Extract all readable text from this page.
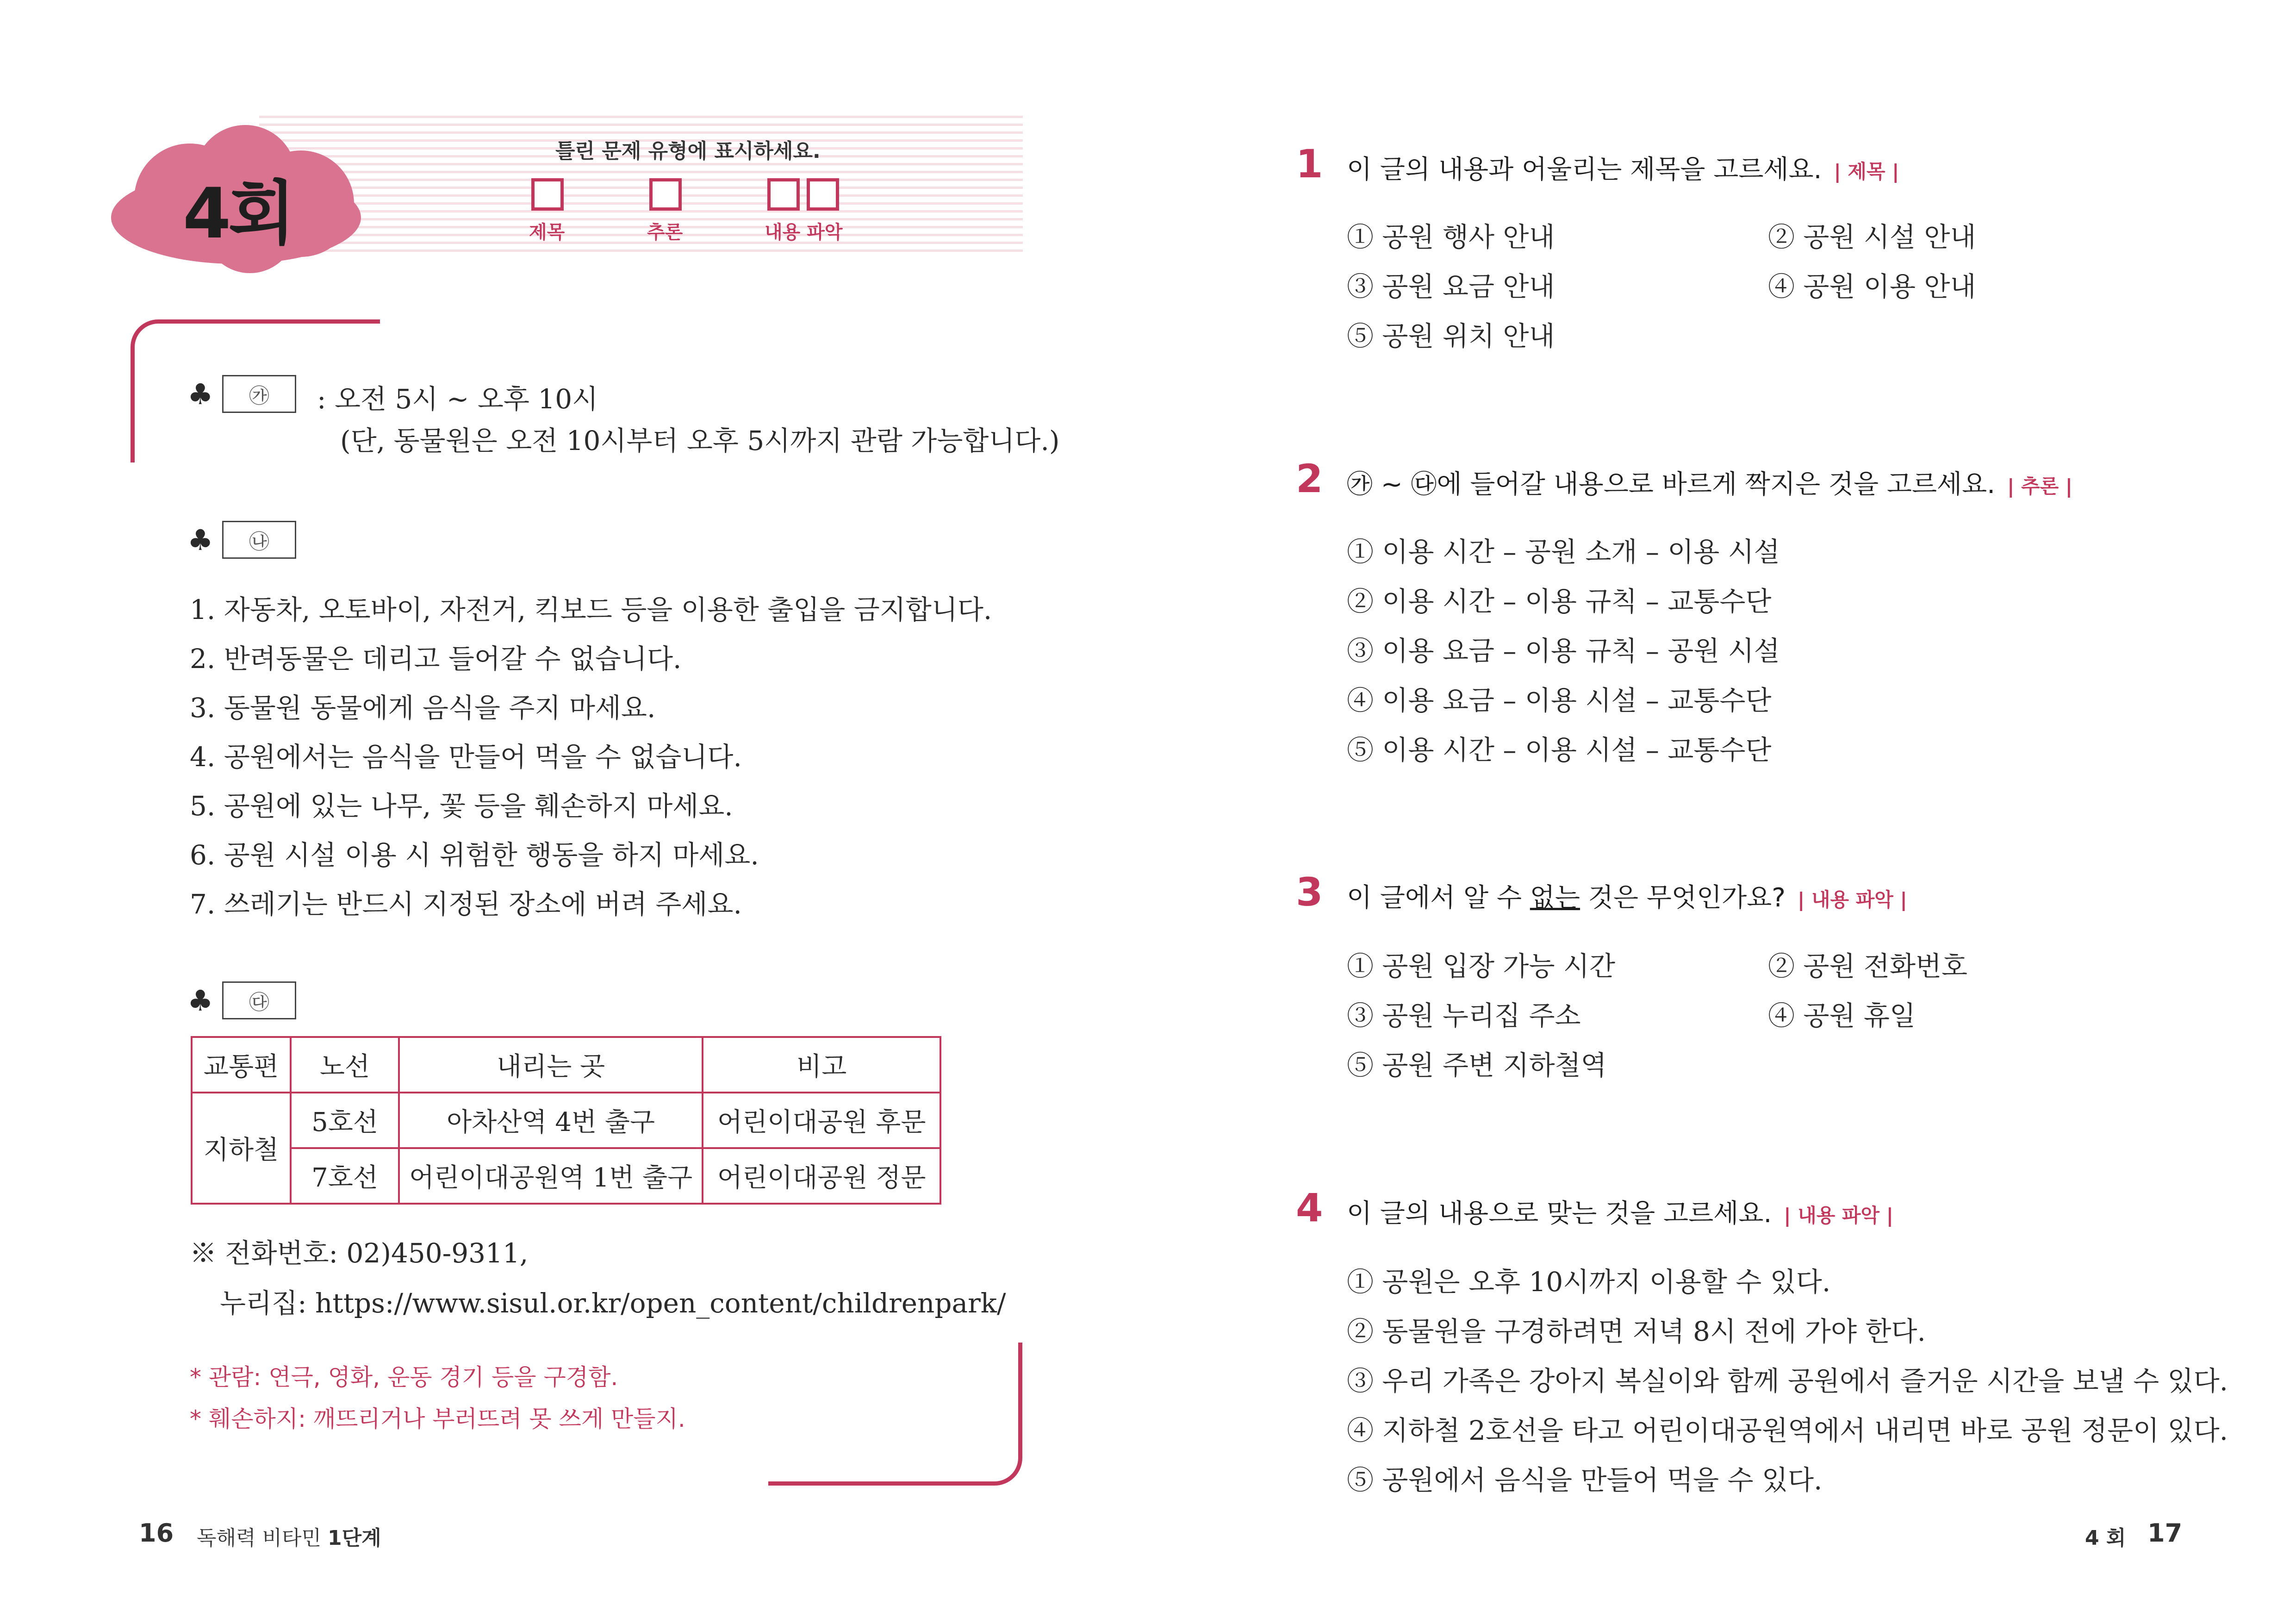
4회
틀린 문제 유형에 표시하세요.
제목	추론	내용 파악
♣	㉮	: 오전 5시 ~ 오후 10시
(단, 동물원은 오전 10시부터 오후 5시까지 관람 가능합니다.)
♣	㉯
1. 자동차, 오토바이, 자전거, 킥보드 등을 이용한 출입을 금지합니다.
2. 반려동물은 데리고 들어갈 수 없습니다.
3. 동물원 동물에게 음식을 주지 마세요.
4. 공원에서는 음식을 만들어 먹을 수 없습니다.
5. 공원에 있는 나무, 꽃 등을 훼손하지 마세요.
6. 공원 시설 이용 시 위험한 행동을 하지 마세요.
7. 쓰레기는 반드시 지정된 장소에 버려 주세요.
♣	㉰
교통편	노선	내리는 곳	비고
지하철	5호선	아차산역 4번 출구	어린이대공원 후문
	7호선	어린이대공원역 1번 출구	어린이대공원 정문
※ 전화번호: 02)450-9311,
누리집: https://www.sisul.or.kr/open_content/childrenpark/
* 관람: 연극, 영화, 운동 경기 등을 구경함.
* 훼손하지: 깨뜨리거나 부러뜨려 못 쓰게 만들지.
16 독해력 비타민 1단계
1 이 글의 내용과 어울리는 제목을 고르세요. | 제목 |
① 공원 행사 안내	② 공원 시설 안내
③ 공원 요금 안내	④ 공원 이용 안내
⑤ 공원 위치 안내
2 ㉮ ~ ㉰에 들어갈 내용으로 바르게 짝지은 것을 고르세요. | 추론 |
① 이용 시간 – 공원 소개 – 이용 시설
② 이용 시간 – 이용 규칙 – 교통수단
③ 이용 요금 – 이용 규칙 – 공원 시설
④ 이용 요금 – 이용 시설 – 교통수단
⑤ 이용 시간 – 이용 시설 – 교통수단
3 이 글에서 알 수 없는 것은 무엇인가요? | 내용 파악 |
① 공원 입장 가능 시간	② 공원 전화번호
③ 공원 누리집 주소	④ 공원 휴일
⑤ 공원 주변 지하철역
4 이 글의 내용으로 맞는 것을 고르세요. | 내용 파악 |
① 공원은 오후 10시까지 이용할 수 있다.
② 동물원을 구경하려면 저녁 8시 전에 가야 한다.
③ 우리 가족은 강아지 복실이와 함께 공원에서 즐거운 시간을 보낼 수 있다.
④ 지하철 2호선을 타고 어린이대공원역에서 내리면 바로 공원 정문이 있다.
⑤ 공원에서 음식을 만들어 먹을 수 있다.
4 회 17
